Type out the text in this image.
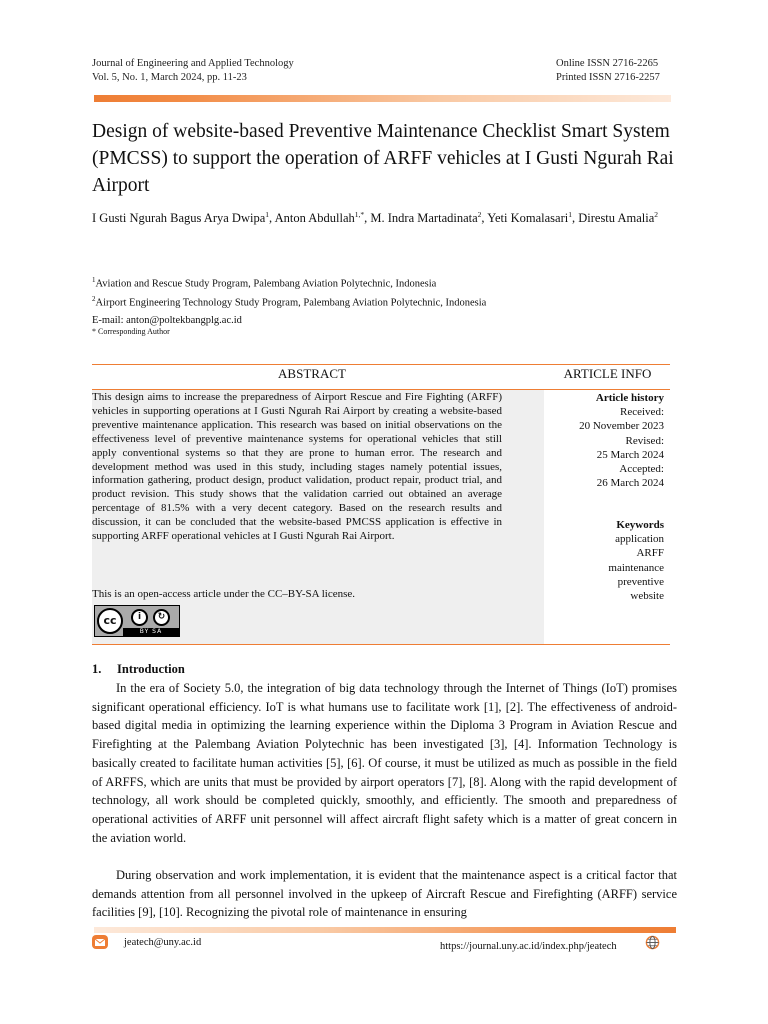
Journal of Engineering and Applied Technology
Vol. 5, No. 1, March 2024, pp. 11-23
Online ISSN 2716-2265
Printed ISSN 2716-2257
Design of website-based Preventive Maintenance Checklist Smart System (PMCSS) to support the operation of ARFF vehicles at I Gusti Ngurah Rai Airport
I Gusti Ngurah Bagus Arya Dwipa$^1$, Anton Abdullah$^{1,*}$, M. Indra Martadinata$^2$, Yeti Komalasari$^1$, Direstu Amalia$^2$
$^1$Aviation and Rescue Study Program, Palembang Aviation Polytechnic, Indonesia
$^2$Airport Engineering Technology Study Program, Palembang Aviation Polytechnic, Indonesia
E-mail: anton@poltekbangplg.ac.id
* Corresponding Author
ABSTRACT	ARTICLE INFO
This design aims to increase the preparedness of Airport Rescue and Fire Fighting (ARFF) vehicles in supporting operations at I Gusti Ngurah Rai Airport by creating a website-based preventive maintenance application. This research was based on initial observations on the effectiveness level of preventive maintenance systems for operational vehicles that still apply conventional systems so that they are prone to human error. The research and development method was used in this study, including stages namely potential issues, information gathering, product design, product validation, product repair, product trial, and product revision. This study shows that the validation carried out obtained an average percentage of 81.5% with a very decent category. Based on the research results and discussion, it can be concluded that the website-based PMCSS application is effective in supporting ARFF operational vehicles at I Gusti Ngurah Rai Airport.
This is an open-access article under the CC–BY-SA license.
cc	i	↻
BY SA
Article history
Received:
20 November 2023
Revised:
25 March 2024
Accepted:
26 March 2024
Keywords
application
ARFF
maintenance
preventive
website
1. Introduction
In the era of Society 5.0, the integration of big data technology through the Internet of Things (IoT) promises significant operational efficiency. IoT is what humans use to facilitate work [1], [2]. The effectiveness of android-based digital media in optimizing the learning experience within the Diploma 3 Program in Aviation Rescue and Firefighting at the Palembang Aviation Polytechnic has been investigated [3], [4]. Information Technology is basically created to facilitate human activities [5], [6]. Of course, it must be utilized as much as possible in the field of ARFFS, which are units that must be provided by airport operators [7], [8]. Along with the rapid development of technology, all work should be completed quickly, smoothly, and efficiently. The smooth and preparedness of operational activities of ARFF unit personnel will affect aircraft flight safety which is a matter of great concern in the aviation world.
During observation and work implementation, it is evident that the maintenance aspect is a critical factor that demands attention from all personnel involved in the upkeep of Aircraft Rescue and Firefighting (ARFF) service facilities [9], [10]. Recognizing the pivotal role of maintenance in ensuring
jeatech@uny.ac.id	https://journal.uny.ac.id/index.php/jeatech
